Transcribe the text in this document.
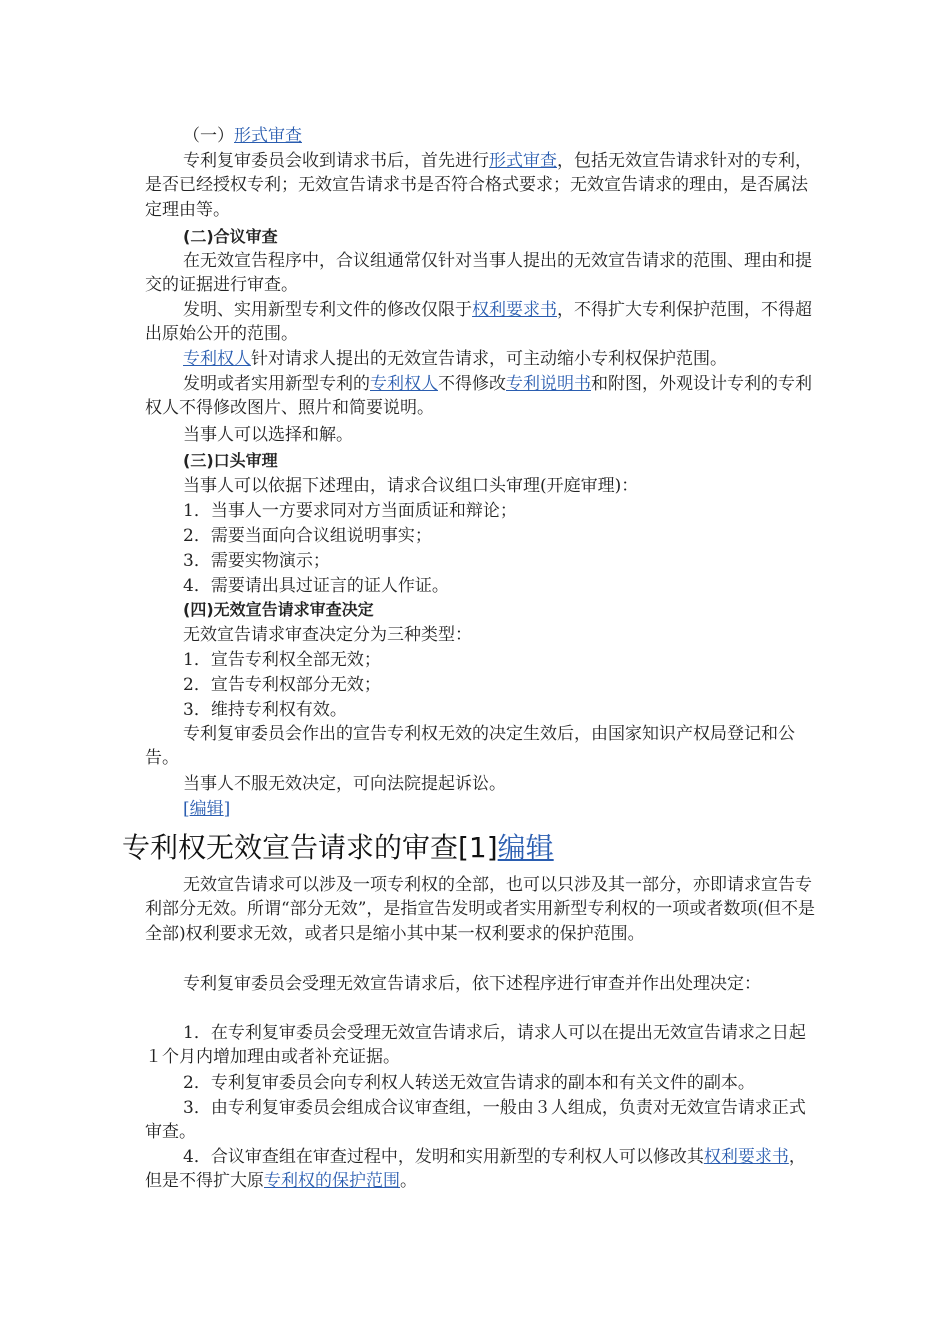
（一）形式审查

专利复审委员会收到请求书后，首先进行形式审查，包括无效宣告请求针对的专利，是否已经授权专利；无效宣告请求书是否符合格式要求；无效宣告请求的理由，是否属法定理由等。

(二)合议审查

在无效宣告程序中，合议组通常仅针对当事人提出的无效宣告请求的范围、理由和提交的证据进行审查。

发明、实用新型专利文件的修改仅限于权利要求书，不得扩大专利保护范围，不得超出原始公开的范围。

专利权人针对请求人提出的无效宣告请求，可主动缩小专利权保护范围。

发明或者实用新型专利的专利权人不得修改专利说明书和附图，外观设计专利的专利权人不得修改图片、照片和简要说明。

当事人可以选择和解。

(三)口头审理

当事人可以依据下述理由，请求合议组口头审理(开庭审理)：

1．当事人一方要求同对方当面质证和辩论；

2．需要当面向合议组说明事实；

3．需要实物演示；

4．需要请出具过证言的证人作证。

(四)无效宣告请求审查决定

无效宣告请求审查决定分为三种类型：

1．宣告专利权全部无效；

2．宣告专利权部分无效；

3．维持专利权有效。

专利复审委员会作出的宣告专利权无效的决定生效后，由国家知识产权局登记和公告。

当事人不服无效决定，可向法院提起诉讼。

[编辑]

专利权无效宣告请求的审查[1]编辑

无效宣告请求可以涉及一项专利权的全部，也可以只涉及其一部分，亦即请求宣告专利部分无效。所谓“部分无效”，是指宣告发明或者实用新型专利权的一项或者数项(但不是全部)权利要求无效，或者只是缩小其中某一权利要求的保护范围。

专利复审委员会受理无效宣告请求后，依下述程序进行审查并作出处理决定：

1．在专利复审委员会受理无效宣告请求后，请求人可以在提出无效宣告请求之日起１个月内增加理由或者补充证据。

2．专利复审委员会向专利权人转送无效宣告请求的副本和有关文件的副本。

3．由专利复审委员会组成合议审查组，一般由３人组成，负责对无效宣告请求正式审查。

4．合议审查组在审查过程中，发明和实用新型的专利权人可以修改其权利要求书，但是不得扩大原专利权的保护范围。
